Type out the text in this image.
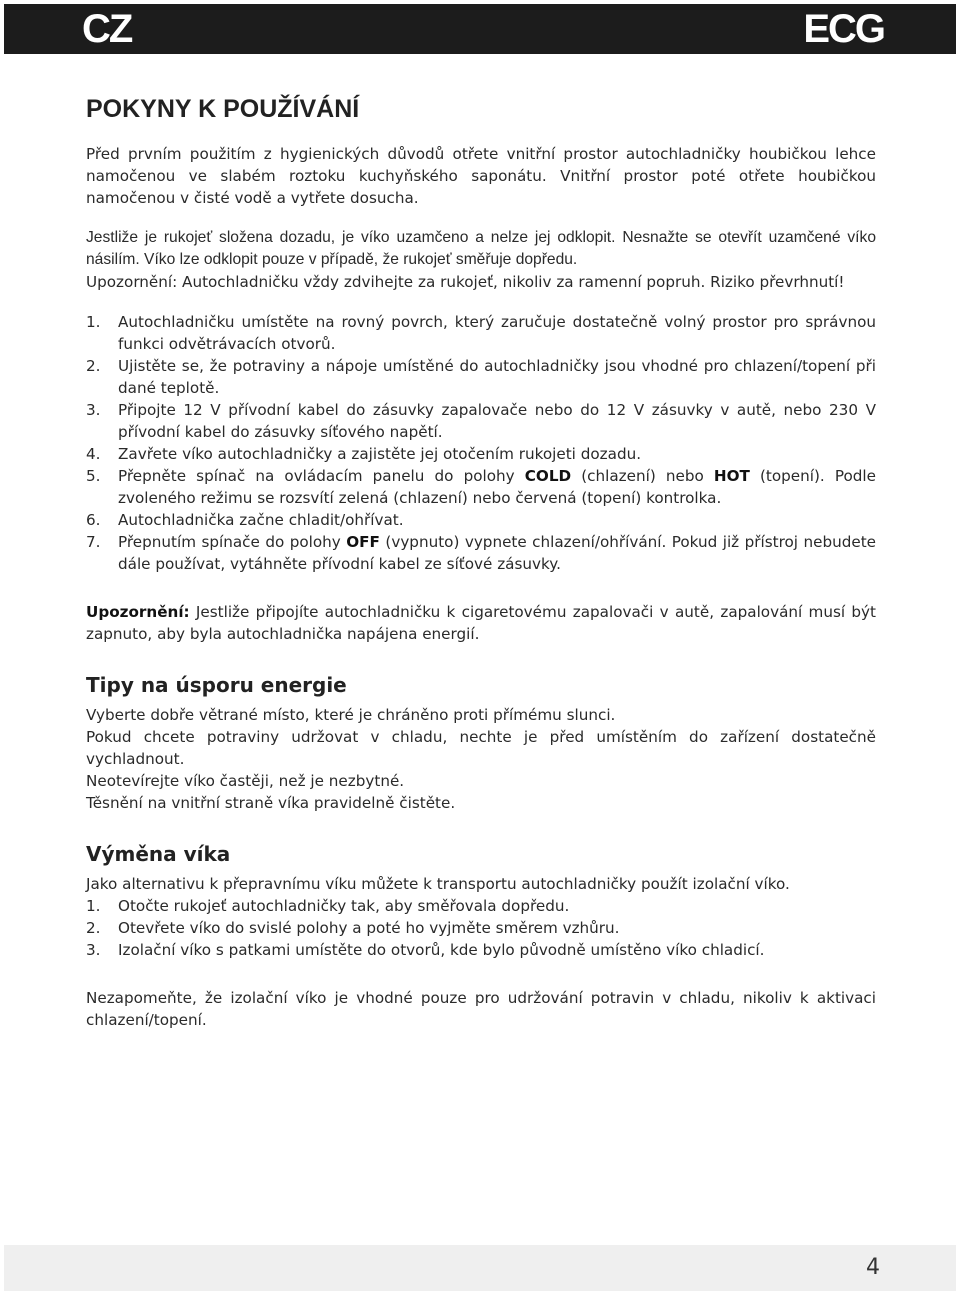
CZ	ECG
POKYNY K POUŽÍVÁNÍ

Před prvním použitím z hygienických důvodů otřete vnitřní prostor autochladničky houbičkou lehce namočenou ve slabém roztoku kuchyňského saponátu. Vnitřní prostor poté otřete houbičkou namočenou v čisté vodě a vytřete dosucha.

Jestliže je rukojeť složena dozadu, je víko uzamčeno a nelze jej odklopit. Nesnažte se otevřít uzamčené víko násilím. Víko lze odklopit pouze v případě, že rukojeť směřuje dopředu.

Upozornění: Autochladničku vždy zdvihejte za rukojeť, nikoliv za ramenní popruh. Riziko převrhnutí!

1. Autochladničku umístěte na rovný povrch, který zaručuje dostatečně volný prostor pro správnou funkci odvětrávacích otvorů.
2. Ujistěte se, že potraviny a nápoje umístěné do autochladničky jsou vhodné pro chlazení/topení při dané teplotě.
3. Připojte 12 V přívodní kabel do zásuvky zapalovače nebo do 12 V zásuvky v autě, nebo 230 V přívodní kabel do zásuvky síťového napětí.
4. Zavřete víko autochladničky a zajistěte jej otočením rukojeti dozadu.
5. Přepněte spínač na ovládacím panelu do polohy COLD (chlazení) nebo HOT (topení). Podle zvoleného režimu se rozsvítí zelená (chlazení) nebo červená (topení) kontrolka.
6. Autochladnička začne chladit/ohřívat.
7. Přepnutím spínače do polohy OFF (vypnuto) vypnete chlazení/ohřívání. Pokud již přístroj nebudete dále používat, vytáhněte přívodní kabel ze síťové zásuvky.

Upozornění: Jestliže připojíte autochladničku k cigaretovému zapalovači v autě, zapalování musí být zapnuto, aby byla autochladnička napájena energií.

Tipy na úsporu energie

Vyberte dobře větrané místo, které je chráněno proti přímému slunci.

Pokud chcete potraviny udržovat v chladu, nechte je před umístěním do zařízení dostatečně vychladnout.

Neotevírejte víko častěji, než je nezbytné.

Těsnění na vnitřní straně víka pravidelně čistěte.

Výměna víka

Jako alternativu k přepravnímu víku můžete k transportu autochladničky použít izolační víko.

1. Otočte rukojeť autochladničky tak, aby směřovala dopředu.
2. Otevřete víko do svislé polohy a poté ho vyjměte směrem vzhůru.
3. Izolační víko s patkami umístěte do otvorů, kde bylo původně umístěno víko chladicí.

Nezapomeňte, že izolační víko je vhodné pouze pro udržování potravin v chladu, nikoliv k aktivaci chlazení/topení.

4
